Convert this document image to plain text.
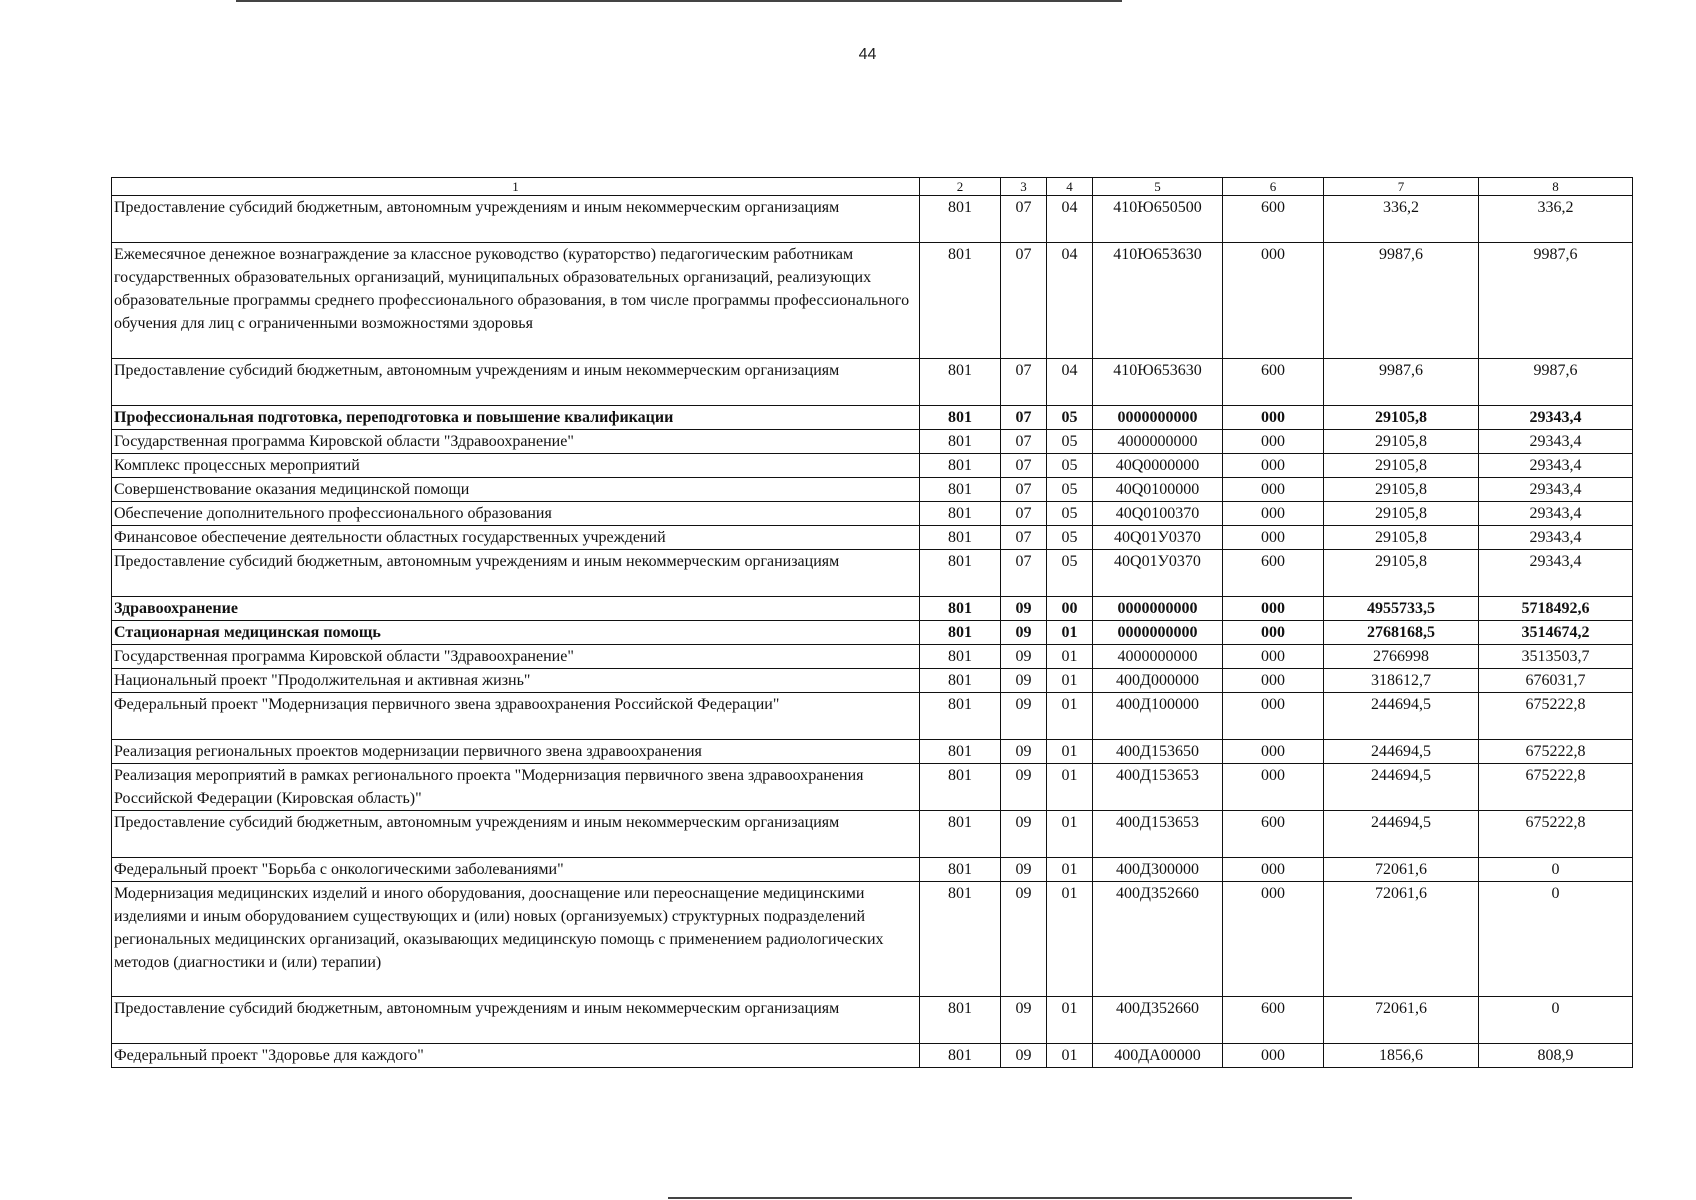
44
1	2	3	4	5	6	7	8
Предоставление субсидий бюджетным, автономным учреждениям и иным некоммерческим организациям	801	07	04	410Ю650500	600	336,2	336,2
Ежемесячное денежное вознаграждение за классное руководство (кураторство) педагогическим работникам государственных образовательных организаций, муниципальных образовательных организаций, реализующих образовательные программы среднего профессионального образования, в том числе программы профессионального обучения для лиц с ограниченными возможностями здоровья	801	07	04	410Ю653630	000	9987,6	9987,6
Предоставление субсидий бюджетным, автономным учреждениям и иным некоммерческим организациям	801	07	04	410Ю653630	600	9987,6	9987,6
Профессиональная подготовка, переподготовка и повышение квалификации	801	07	05	0000000000	000	29105,8	29343,4
Государственная программа Кировской области "Здравоохранение"	801	07	05	4000000000	000	29105,8	29343,4
Комплекс процессных мероприятий	801	07	05	40Q0000000	000	29105,8	29343,4
Совершенствование оказания медицинской помощи	801	07	05	40Q0100000	000	29105,8	29343,4
Обеспечение дополнительного профессионального образования	801	07	05	40Q0100370	000	29105,8	29343,4
Финансовое обеспечение деятельности областных государственных учреждений	801	07	05	40Q01У0370	000	29105,8	29343,4
Предоставление субсидий бюджетным, автономным учреждениям и иным некоммерческим организациям	801	07	05	40Q01У0370	600	29105,8	29343,4
Здравоохранение	801	09	00	0000000000	000	4955733,5	5718492,6
Стационарная медицинская помощь	801	09	01	0000000000	000	2768168,5	3514674,2
Государственная программа Кировской области "Здравоохранение"	801	09	01	4000000000	000	2766998	3513503,7
Национальный проект "Продолжительная и активная жизнь"	801	09	01	400Д000000	000	318612,7	676031,7
Федеральный проект "Модернизация первичного звена здравоохранения Российской Федерации"	801	09	01	400Д100000	000	244694,5	675222,8
Реализация региональных проектов модернизации первичного звена здравоохранения	801	09	01	400Д153650	000	244694,5	675222,8
Реализация мероприятий в рамках регионального проекта "Модернизация первичного звена здравоохранения Российской Федерации (Кировская область)"	801	09	01	400Д153653	000	244694,5	675222,8
Предоставление субсидий бюджетным, автономным учреждениям и иным некоммерческим организациям	801	09	01	400Д153653	600	244694,5	675222,8
Федеральный проект "Борьба с онкологическими заболеваниями"	801	09	01	400Д300000	000	72061,6	0
Модернизация медицинских изделий и иного оборудования, дооснащение или переоснащение медицинскими изделиями и иным оборудованием существующих и (или) новых (организуемых) структурных подразделений региональных медицинских организаций, оказывающих медицинскую помощь с применением радиологических методов (диагностики и (или) терапии)	801	09	01	400Д352660	000	72061,6	0
Предоставление субсидий бюджетным, автономным учреждениям и иным некоммерческим организациям	801	09	01	400Д352660	600	72061,6	0
Федеральный проект "Здоровье для каждого"	801	09	01	400ДА00000	000	1856,6	808,9
